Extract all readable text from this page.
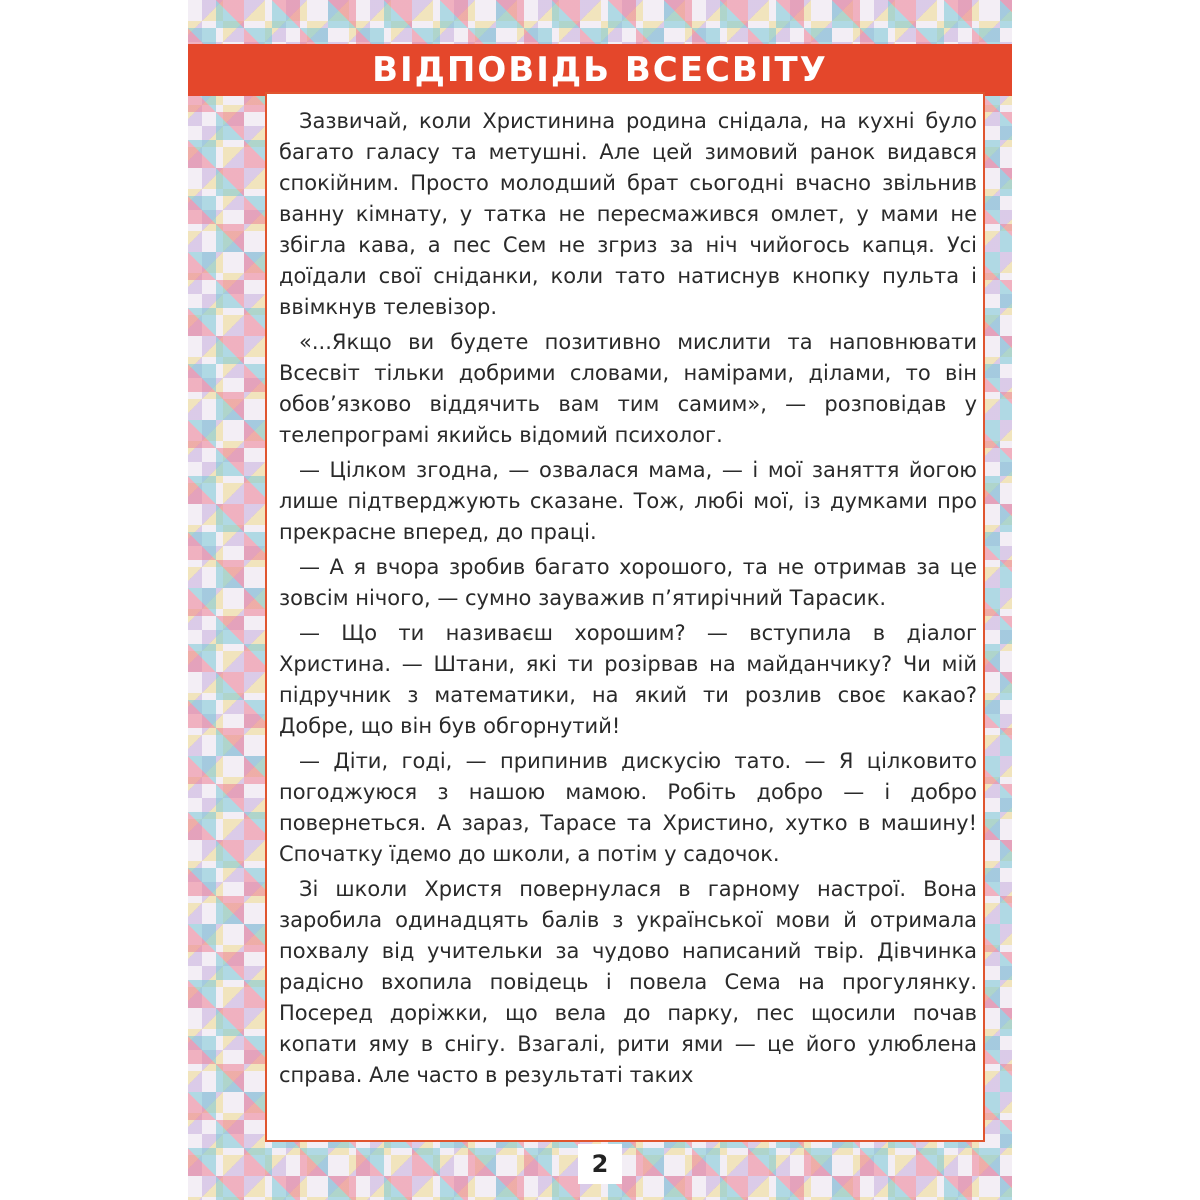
ВІДПОВІДЬ ВСЕСВІТУ

Зазвичай, коли Христинина родина снідала, на кухні було багато галасу та метушні. Але цей зимовий ранок видався спокійним. Просто молодший брат сьогодні вчасно звільнив ванну кімнату, у татка не пересмажився омлет, у мами не збігла кава, а пес Сем не згриз за ніч чийогось капця. Усі доїдали свої сніданки, коли тато натиснув кнопку пульта і ввімкнув телевізор.

«...Якщо ви будете позитивно мислити та наповнювати Всесвіт тільки добрими словами, намірами, ділами, то він обов’язково віддячить вам тим самим», — розповідав у телепрограмі якийсь відомий психолог.

— Цілком згодна, — озвалася мама, — і мої заняття йогою лише підтверджують сказане. Тож, любі мої, із думками про прекрасне вперед, до праці.

— А я вчора зробив багато хорошого, та не отримав за це зовсім нічого, — сумно зауважив п’ятирічний Тарасик.

— Що ти називаєш хорошим? — вступила в діалог Христина. — Штани, які ти розірвав на майданчику? Чи мій підручник з математики, на який ти розлив своє какао? Добре, що він був обгорнутий!

— Діти, годі, — припинив дискусію тато. — Я цілковито погоджуюся з нашою мамою. Робіть добро — і добро повернеться. А зараз, Тарасе та Христино, хутко в машину! Спочатку їдемо до школи, а потім у садочок.

Зі школи Христя повернулася в гарному настрої. Вона заробила одинадцять балів з української мови й отримала похвалу від учительки за чудово написаний твір. Дівчинка радісно вхопила повідець і повела Сема на прогулянку. Посеред доріжки, що вела до парку, пес щосили почав копати яму в снігу. Взагалі, рити ями — це його улюблена справа. Але часто в результаті таких

2
